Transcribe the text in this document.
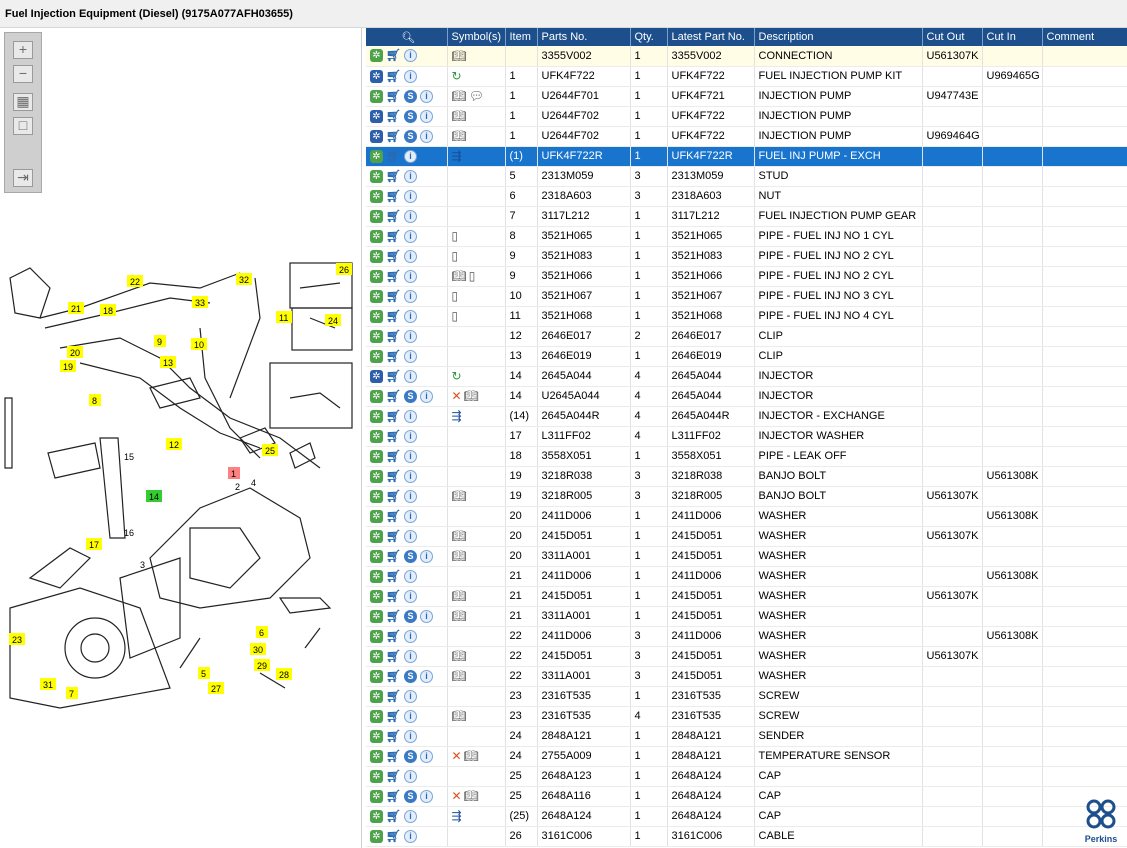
Fuel Injection Equipment (Diesel) (9175A077AFH03655)
+
−
▦
□
⇥
22	32
26
21 18
33
11	24
20
9	10
19	13
8
12
15
1
2 4
25
14
3
17
16
23
5
30
6
29
27
28
31
7
🔍︎	Symbol(s)	Item	Parts No.	Qty.	Latest Part No.	Description	Cut Out	Cut In	Comment
✲ 🛒︎ i	📖︎		3355V002	1	3355V002	CONNECTION	U561307K		
✲ 🛒︎ i	↻	1	UFK4F722	1	UFK4F722	FUEL INJECTION PUMP KIT		U969465G	
✲ 🛒︎ S i	📖︎ 💬︎	1	U2644F701	1	UFK4F721	INJECTION PUMP	U947743E		
✲ 🛒︎ S i	📖︎	1	U2644F702	1	UFK4F722	INJECTION PUMP			
✲ 🛒︎ S i	📖︎	1	U2644F702	1	UFK4F722	INJECTION PUMP	U969464G		
✲ 🛒︎ i	⇶	(1)	UFK4F722R	1	UFK4F722R	FUEL INJ PUMP - EXCH			
✲ 🛒︎ i		5	2313M059	3	2313M059	STUD			
✲ 🛒︎ i		6	2318A603	3	2318A603	NUT			
✲ 🛒︎ i		7	3117L212	1	3117L212	FUEL INJECTION PUMP GEAR			
✲ 🛒︎ i	▯	8	3521H065	1	3521H065	PIPE - FUEL INJ NO 1 CYL			
✲ 🛒︎ i	▯	9	3521H083	1	3521H083	PIPE - FUEL INJ NO 2 CYL			
✲ 🛒︎ i	📖︎ ▯	9	3521H066	1	3521H066	PIPE - FUEL INJ NO 2 CYL			
✲ 🛒︎ i	▯	10	3521H067	1	3521H067	PIPE - FUEL INJ NO 3 CYL			
✲ 🛒︎ i	▯	11	3521H068	1	3521H068	PIPE - FUEL INJ NO 4 CYL			
✲ 🛒︎ i		12	2646E017	2	2646E017	CLIP			
✲ 🛒︎ i		13	2646E019	1	2646E019	CLIP			
✲ 🛒︎ i	↻	14	2645A044	4	2645A044	INJECTOR			
✲ 🛒︎ S i	✕ 📖︎	14	U2645A044	4	2645A044	INJECTOR			
✲ 🛒︎ i	⇶	(14)	2645A044R	4	2645A044R	INJECTOR - EXCHANGE			
✲ 🛒︎ i		17	L311FF02	4	L311FF02	INJECTOR WASHER			
✲ 🛒︎ i		18	3558X051	1	3558X051	PIPE - LEAK OFF			
✲ 🛒︎ i		19	3218R038	3	3218R038	BANJO BOLT		U561308K	
✲ 🛒︎ i	📖︎	19	3218R005	3	3218R005	BANJO BOLT	U561307K		
✲ 🛒︎ i		20	2411D006	1	2411D006	WASHER		U561308K	
✲ 🛒︎ i	📖︎	20	2415D051	1	2415D051	WASHER	U561307K		
✲ 🛒︎ S i	📖︎	20	3311A001	1	2415D051	WASHER			
✲ 🛒︎ i		21	2411D006	1	2411D006	WASHER		U561308K	
✲ 🛒︎ i	📖︎	21	2415D051	1	2415D051	WASHER	U561307K		
✲ 🛒︎ S i	📖︎	21	3311A001	1	2415D051	WASHER			
✲ 🛒︎ i		22	2411D006	3	2411D006	WASHER		U561308K	
✲ 🛒︎ i	📖︎	22	2415D051	3	2415D051	WASHER	U561307K		
✲ 🛒︎ S i	📖︎	22	3311A001	3	2415D051	WASHER			
✲ 🛒︎ i		23	2316T535	1	2316T535	SCREW			
✲ 🛒︎ i	📖︎	23	2316T535	4	2316T535	SCREW			
✲ 🛒︎ i		24	2848A121	1	2848A121	SENDER			
✲ 🛒︎ S i	✕ 📖︎	24	2755A009	1	2848A121	TEMPERATURE SENSOR			
✲ 🛒︎ i		25	2648A123	1	2648A124	CAP			
✲ 🛒︎ S i	✕ 📖︎	25	2648A116	1	2648A124	CAP			
✲ 🛒︎ i	⇶	(25)	2648A124	1	2648A124	CAP			
✲ 🛒︎ i		26	3161C006	1	3161C006	CABLE				Perkins
